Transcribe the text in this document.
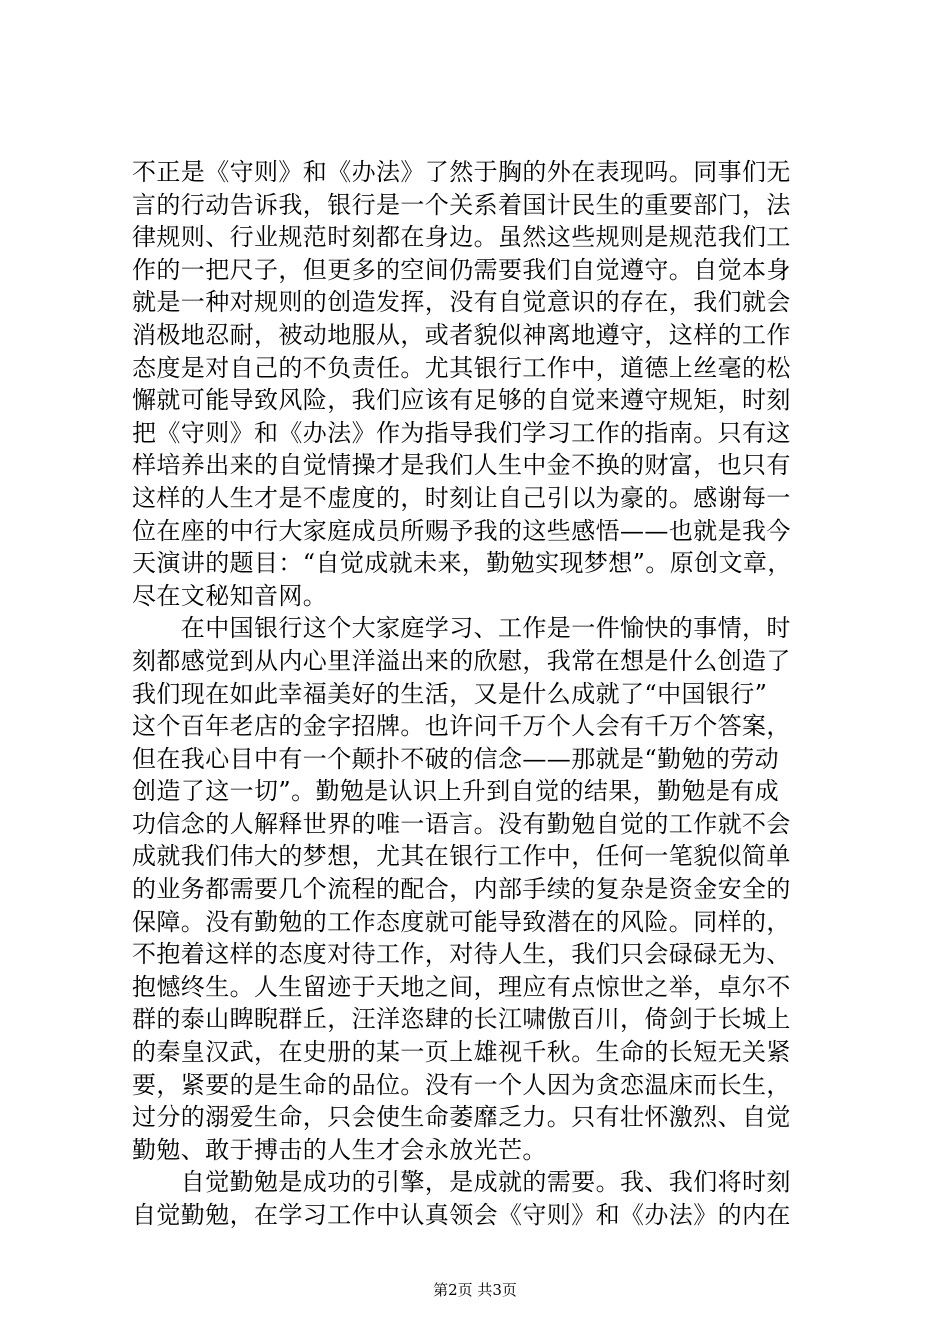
不正是《守则》和《办法》了然于胸的外在表现吗。同事们无
言的行动告诉我，银行是一个关系着国计民生的重要部门，法
律规则、行业规范时刻都在身边。虽然这些规则是规范我们工
作的一把尺子，但更多的空间仍需要我们自觉遵守。自觉本身
就是一种对规则的创造发挥，没有自觉意识的存在，我们就会
消极地忍耐，被动地服从，或者貌似神离地遵守，这样的工作
态度是对自己的不负责任。尤其银行工作中，道德上丝毫的松
懈就可能导致风险，我们应该有足够的自觉来遵守规矩，时刻
把《守则》和《办法》作为指导我们学习工作的指南。只有这
样培养出来的自觉情操才是我们人生中金不换的财富，也只有
这样的人生才是不虚度的，时刻让自己引以为豪的。感谢每一
位在座的中行大家庭成员所赐予我的这些感悟——也就是我今
天演讲的题目：“自觉成就未来，勤勉实现梦想”。原创文章，
尽在文秘知音网。
　　在中国银行这个大家庭学习、工作是一件愉快的事情，时
刻都感觉到从内心里洋溢出来的欣慰，我常在想是什么创造了
我们现在如此幸福美好的生活，又是什么成就了“中国银行”
这个百年老店的金字招牌。也许问千万个人会有千万个答案，
但在我心目中有一个颠扑不破的信念——那就是“勤勉的劳动
创造了这一切”。勤勉是认识上升到自觉的结果，勤勉是有成
功信念的人解释世界的唯一语言。没有勤勉自觉的工作就不会
成就我们伟大的梦想，尤其在银行工作中，任何一笔貌似简单
的业务都需要几个流程的配合，内部手续的复杂是资金安全的
保障。没有勤勉的工作态度就可能导致潜在的风险。同样的，
不抱着这样的态度对待工作，对待人生，我们只会碌碌无为、
抱憾终生。人生留迹于天地之间，理应有点惊世之举，卓尔不
群的泰山睥睨群丘，汪洋恣肆的长江啸傲百川，倚剑于长城上
的秦皇汉武，在史册的某一页上雄视千秋。生命的长短无关紧
要，紧要的是生命的品位。没有一个人因为贪恋温床而长生，
过分的溺爱生命，只会使生命萎靡乏力。只有壮怀激烈、自觉
勤勉、敢于搏击的人生才会永放光芒。
　　自觉勤勉是成功的引擎，是成就的需要。我、我们将时刻
自觉勤勉，在学习工作中认真领会《守则》和《办法》的内在
第2页 共3页
